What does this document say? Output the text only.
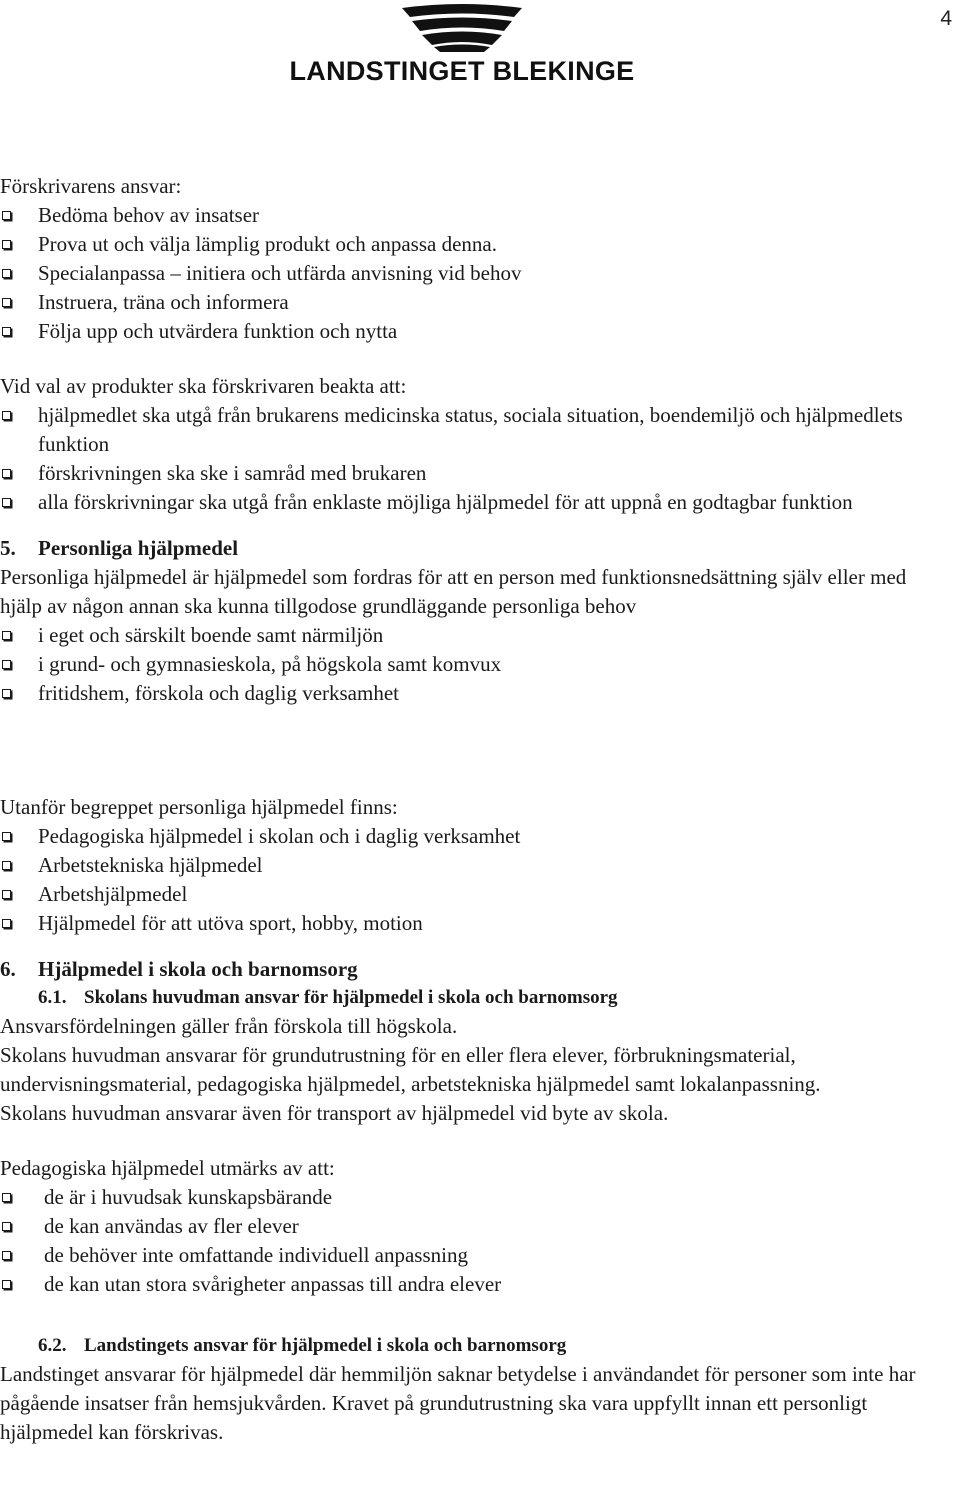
4
LANDSTINGET BLEKINGE

Förskrivarens ansvar:

Bedöma behov av insatser
Prova ut och välja lämplig produkt och anpassa denna.
Specialanpassa – initiera och utfärda anvisning vid behov
Instruera, träna och informera
Följa upp och utvärdera funktion och nytta

Vid val av produkter ska förskrivaren beakta att:

hjälpmedlet ska utgå från brukarens medicinska status, sociala situation, boendemiljö och hjälpmedlets funktion
förskrivningen ska ske i samråd med brukaren
alla förskrivningar ska utgå från enklaste möjliga hjälpmedel för att uppnå en godtagbar funktion
5. Personliga hjälpmedel

Personliga hjälpmedel är hjälpmedel som fordras för att en person med funktionsnedsättning själv eller med hjälp av någon annan ska kunna tillgodose grundläggande personliga behov

i eget och särskilt boende samt närmiljön
i grund- och gymnasieskola, på högskola samt komvux
fritidshem, förskola och daglig verksamhet

Utanför begreppet personliga hjälpmedel finns:

Pedagogiska hjälpmedel i skolan och i daglig verksamhet
Arbetstekniska hjälpmedel
Arbetshjälpmedel
Hjälpmedel för att utöva sport, hobby, motion
6. Hjälpmedel i skola och barnomsorg
6.1. Skolans huvudman ansvar för hjälpmedel i skola och barnomsorg

Ansvarsfördelningen gäller från förskola till högskola.

Skolans huvudman ansvarar för grundutrustning för en eller flera elever, förbrukningsmaterial, undervisningsmaterial, pedagogiska hjälpmedel, arbetstekniska hjälpmedel samt lokalanpassning.

Skolans huvudman ansvarar även för transport av hjälpmedel vid byte av skola.

Pedagogiska hjälpmedel utmärks av att:

de är i huvudsak kunskapsbärande
de kan användas av fler elever
de behöver inte omfattande individuell anpassning
de kan utan stora svårigheter anpassas till andra elever
6.2. Landstingets ansvar för hjälpmedel i skola och barnomsorg

Landstinget ansvarar för hjälpmedel där hemmiljön saknar betydelse i användandet för personer som inte har pågående insatser från hemsjukvården. Kravet på grundutrustning ska vara uppfyllt innan ett personligt hjälpmedel kan förskrivas.
